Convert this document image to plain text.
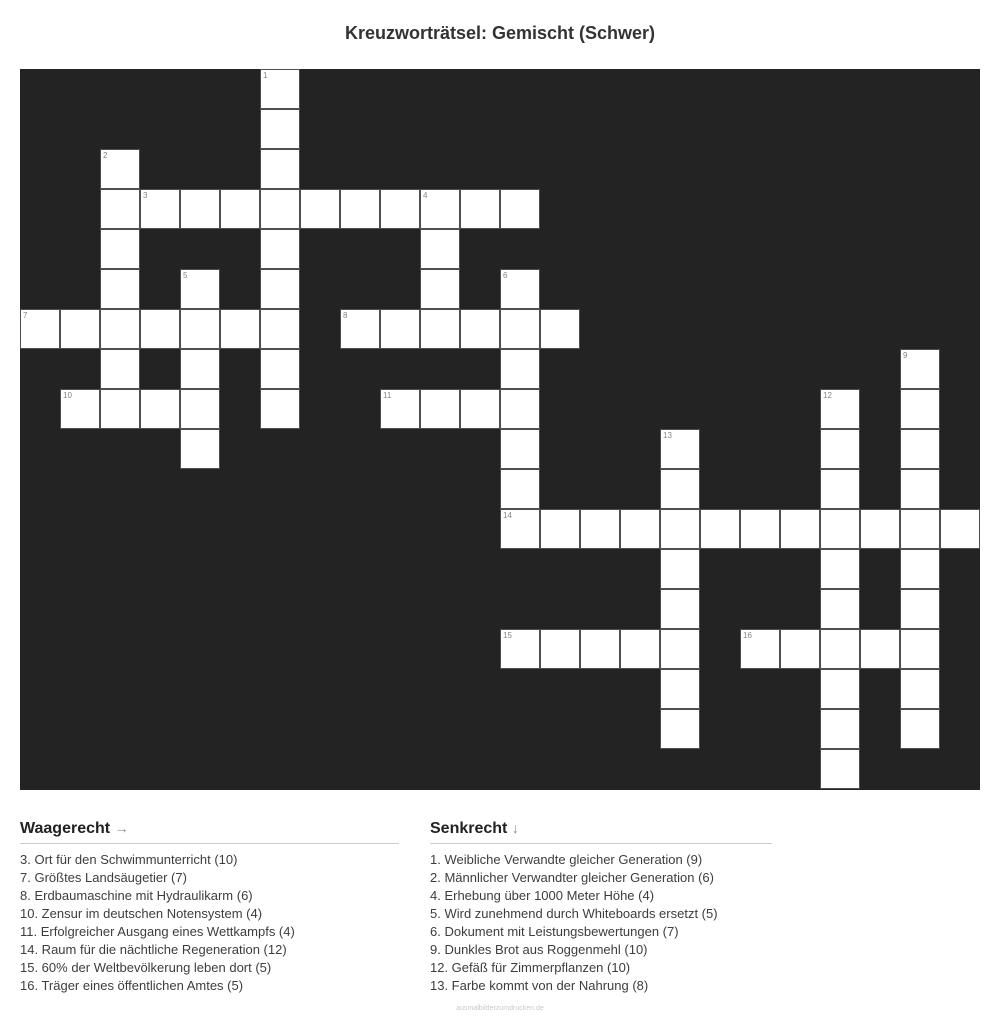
Kreuzworträtsel: Gemischt (Schwer)
1
2
3	4
5	6
7	8
9
10	11	12
13
14
15	16
Waagerecht →
3. Ort für den Schwimmunterricht (10)
7. Größtes Landsäugetier (7)
8. Erdbaumaschine mit Hydraulikarm (6)
10. Zensur im deutschen Notensystem (4)
11. Erfolgreicher Ausgang eines Wettkampfs (4)
14. Raum für die nächtliche Regeneration (12)
15. 60% der Weltbevölkerung leben dort (5)
16. Träger eines öffentlichen Amtes (5)
Senkrecht ↓
1. Weibliche Verwandte gleicher Generation (9)
2. Männlicher Verwandter gleicher Generation (6)
4. Erhebung über 1000 Meter Höhe (4)
5. Wird zunehmend durch Whiteboards ersetzt (5)
6. Dokument mit Leistungsbewertungen (7)
9. Dunkles Brot aus Roggenmehl (10)
12. Gefäß für Zimmerpflanzen (10)
13. Farbe kommt von der Nahrung (8)
ausmalbilderzumdrucken.de
